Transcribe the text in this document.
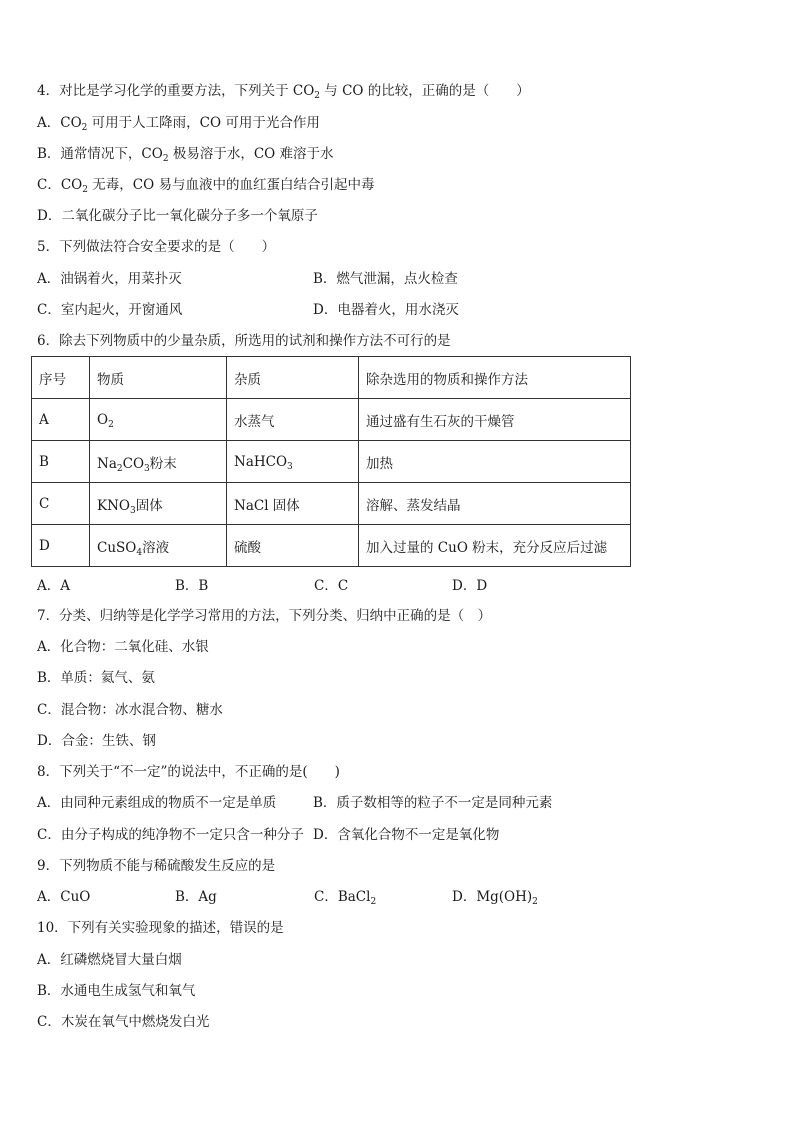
4．对比是学习化学的重要方法，下列关于 $CO_2$ 与 CO 的比较，正确的是（　　）
A．$CO_2$ 可用于人工降雨，CO 可用于光合作用
B．通常情况下，$CO_2$ 极易溶于水，CO 难溶于水
C．$CO_2$ 无毒，CO 易与血液中的血红蛋白结合引起中毒
D．二氧化碳分子比一氧化碳分子多一个氧原子
5．下列做法符合安全要求的是（　　）
A．油锅着火，用菜扑灭	B．燃气泄漏，点火检查
C．室内起火，开窗通风	D．电器着火，用水浇灭
6．除去下列物质中的少量杂质，所选用的试剂和操作方法不可行的是
序号	物质	杂质	除杂选用的物质和操作方法
A	$O_2$	水蒸气	通过盛有生石灰的干燥管
B	$Na_2CO_3$粉末	NaHCO$_3$	加热
C	$KNO_3$固体	NaCl 固体	溶解、蒸发结晶
D	CuSO$_4$溶液	硫酸	加入过量的 CuO 粉末，充分反应后过滤
A．A	B．B	C．C	D．D
7．分类、归纳等是化学学习常用的方法，下列分类、归纳中正确的是（　）
A．化合物：二氧化硅、水银
B．单质：氦气、氨
C．混合物：冰水混合物、糖水
D．合金：生铁、钢
8．下列关于“不一定”的说法中，不正确的是(　　)
A．由同种元素组成的物质不一定是单质	B．质子数相等的粒子不一定是同种元素
C．由分子构成的纯净物不一定只含一种分子 D．含氧化合物不一定是氧化物
9．下列物质不能与稀硫酸发生反应的是
A．CuO	B．Ag	C．BaCl$_2$	D．$Mg(OH)_2$
10．下列有关实验现象的描述，错误的是
A．红磷燃烧冒大量白烟
B．水通电生成氢气和氧气
C．木炭在氧气中燃烧发白光
